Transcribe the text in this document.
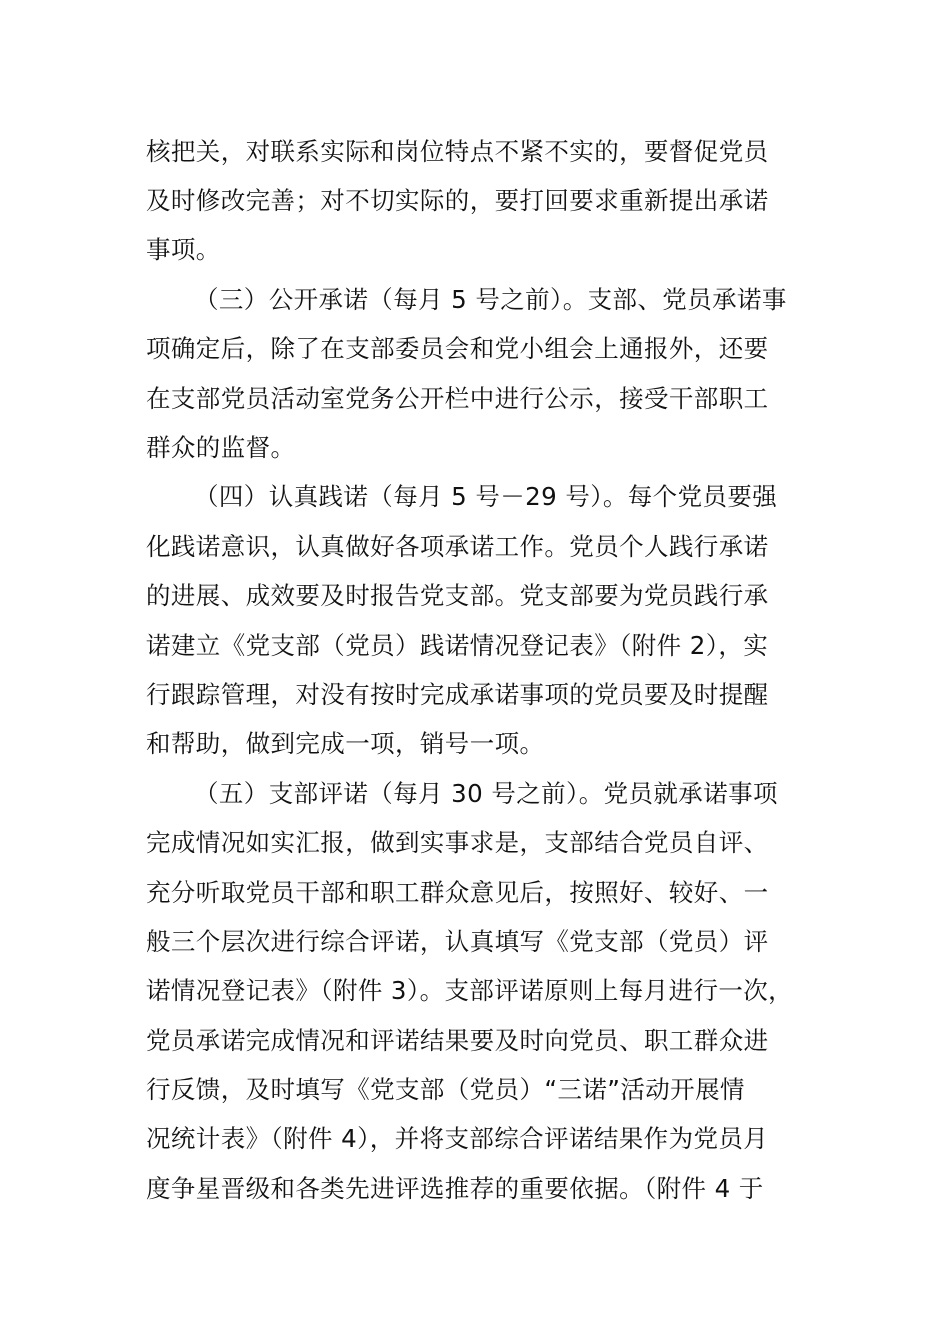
核把关，对联系实际和岗位特点不紧不实的，要督促党员
及时修改完善；对不切实际的，要打回要求重新提出承诺
事项。
（三）公开承诺（每月 5 号之前）。支部、党员承诺事
项确定后，除了在支部委员会和党小组会上通报外，还要
在支部党员活动室党务公开栏中进行公示，接受干部职工
群众的监督。
（四）认真践诺（每月 5 号－29 号）。每个党员要强
化践诺意识，认真做好各项承诺工作。党员个人践行承诺
的进展、成效要及时报告党支部。党支部要为党员践行承
诺建立《党支部（党员）践诺情况登记表》（附件 2），实
行跟踪管理，对没有按时完成承诺事项的党员要及时提醒
和帮助，做到完成一项，销号一项。
（五）支部评诺（每月 30 号之前）。党员就承诺事项
完成情况如实汇报，做到实事求是，支部结合党员自评、
充分听取党员干部和职工群众意见后，按照好、较好、一
般三个层次进行综合评诺，认真填写《党支部（党员）评
诺情况登记表》（附件 3）。支部评诺原则上每月进行一次，
党员承诺完成情况和评诺结果要及时向党员、职工群众进
行反馈，及时填写《党支部（党员）“三诺”活动开展情
况统计表》（附件 4），并将支部综合评诺结果作为党员月
度争星晋级和各类先进评选推荐的重要依据。（附件 4 于
